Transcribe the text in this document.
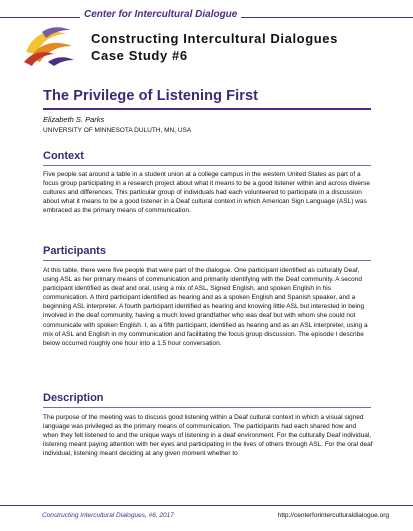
Center for Intercultural Dialogue
Constructing Intercultural Dialogues
Case Study #6
The Privilege of Listening First
Elizabeth S. Parks
UNIVERSITY OF MINNESOTA DULUTH, MN, USA
Context

Five people sat around a table in a student union at a college campus in the western United States as part of a focus group participating in a research project about what it means to be a good listener within and across diverse cultures and differences. This particular group of individuals had each volunteered to participate in a discussion about what it means to be a good listener in a Deaf cultural context in which American Sign Language (ASL) was embraced as the primary means of communication.

Participants

At this table, there were five people that were part of the dialogue. One participant identified as culturally Deaf, using ASL as her primary means of communication and primarily identifying with the Deaf community. A second participant identified as deaf and oral, using a mix of ASL, Signed English, and spoken English in his communication. A third participant identified as hearing and as a spoken English and Spanish speaker, and a beginning ASL interpreter. A fourth participant identified as hearing and knowing little ASL but interested in being involved in the deaf community, having a much loved grandfather who was deaf but with whom she could not communicate with spoken English. I, as a fifth participant, identified as hearing and as an ASL interpreter, using a mix of ASL and English in my communication and facilitating the focus group discussion. The episode I describe below occurred roughly one hour into a 1.5 hour conversation.

Description

The purpose of the meeting was to discuss good listening within a Deaf cultural context in which a visual signed language was privileged as the primary means of communication. The participants had each shared how and when they felt listened to and the unique ways of listening in a deaf environment. For the culturally Deaf individual, listening meant paying attention with her eyes and participating in the lives of others through ASL. For the oral deaf individual, listening meant deciding at any given moment whether to

Constructing Intercultural Dialogues, #6, 2017	http://centerforinterculturaldialogue.org
